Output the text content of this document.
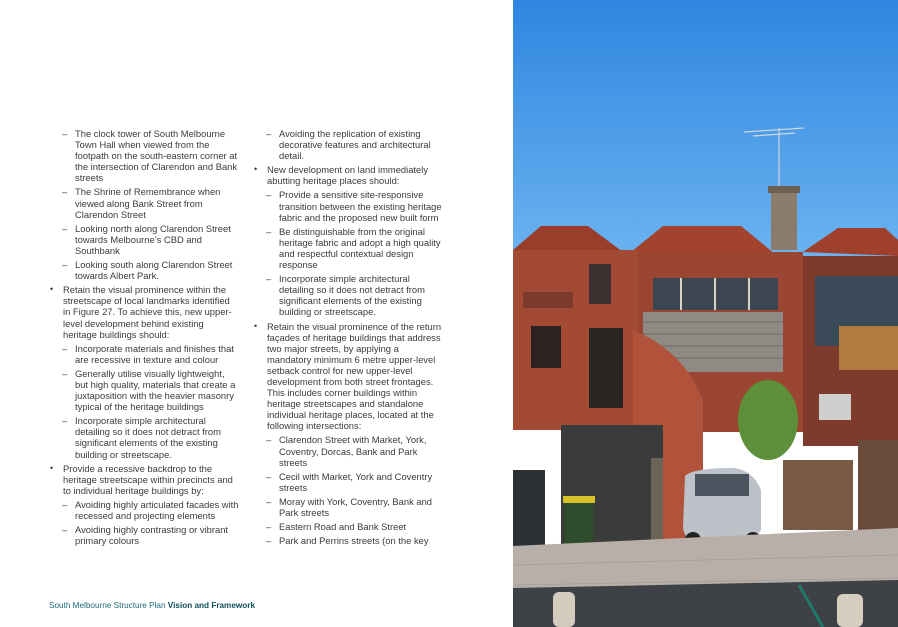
– The clock tower of South Melbourne Town Hall when viewed from the footpath on the south-eastern corner at the intersection of Clarendon and Bank streets
– The Shrine of Remembrance when viewed along Bank Street from Clarendon Street
– Looking north along Clarendon Street towards Melbourne’s CBD and Southbank
– Looking south along Clarendon Street towards Albert Park.
• Retain the visual prominence within the streetscape of local landmarks identified in Figure 27. To achieve this, new upper-level development behind existing heritage buildings should:
– Incorporate materials and finishes that are recessive in texture and colour
– Generally utilise visually lightweight, but high quality, materials that create a juxtaposition with the heavier masonry typical of the heritage buildings
– Incorporate simple architectural detailing so it does not detract from significant elements of the existing building or streetscape.
• Provide a recessive backdrop to the heritage streetscape within precincts and to individual heritage buildings by:
– Avoiding highly articulated facades with recessed and projecting elements
– Avoiding highly contrasting or vibrant primary colours
– Avoiding the replication of existing decorative features and architectural detail.
• New development on land immediately abutting heritage places should:
– Provide a sensitive site-responsive transition between the existing heritage fabric and the proposed new built form
– Be distinguishable from the original heritage fabric and adopt a high quality and respectful contextual design response
– Incorporate simple architectural detailing so it does not detract from significant elements of the existing building or streetscape.
• Retain the visual prominence of the return façades of heritage buildings that address two major streets, by applying a mandatory minimum 6 metre upper-level setback control for new upper-level development from both street frontages. This includes corner buildings within heritage streetscapes and standalone individual heritage places, located at the following intersections:
– Clarendon Street with Market, York, Coventry, Dorcas, Bank and Park streets
– Cecil with Market, York and Coventry streets
– Moray with York, Coventry, Bank and Park streets
– Eastern Road and Bank Street
– Park and Perrins streets (on the key
South Melbourne Structure Plan Vision and Framework
